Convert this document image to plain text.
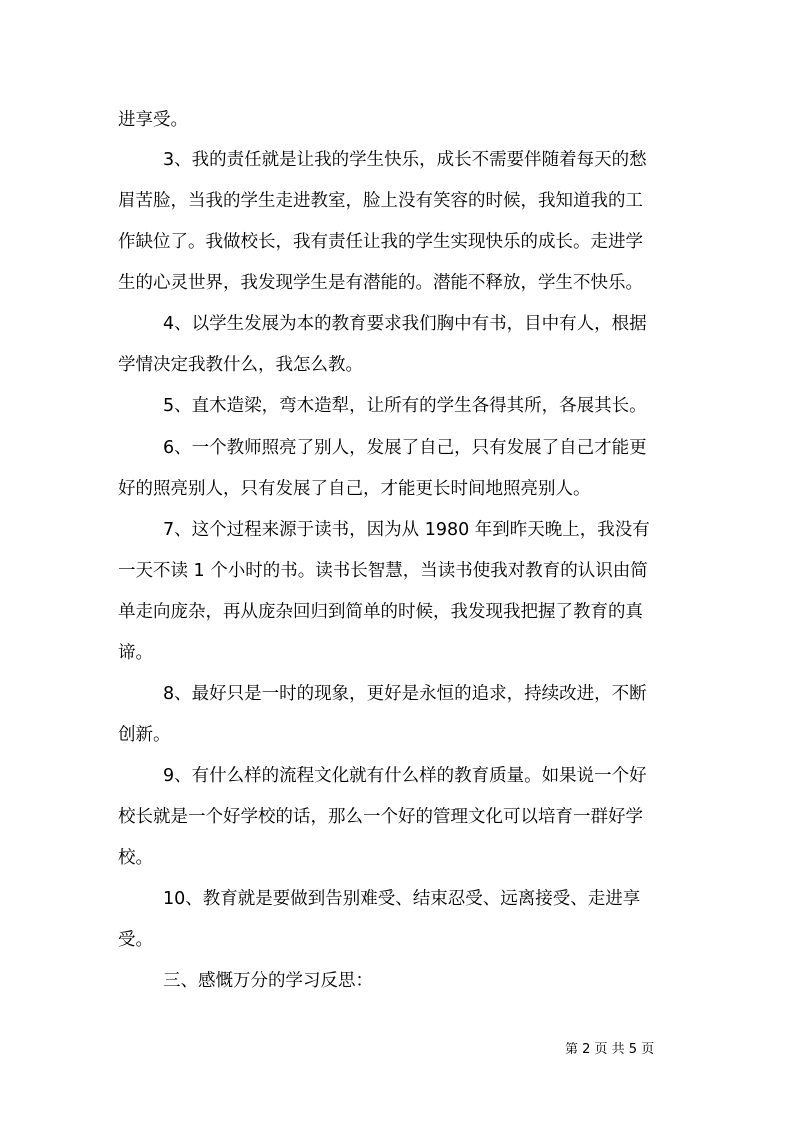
进享受。
3、我的责任就是让我的学生快乐，成长不需要伴随着每天的愁
眉苦脸，当我的学生走进教室，脸上没有笑容的时候，我知道我的工
作缺位了。我做校长，我有责任让我的学生实现快乐的成长。走进学
生的心灵世界，我发现学生是有潜能的。潜能不释放，学生不快乐。
4、以学生发展为本的教育要求我们胸中有书，目中有人，根据
学情决定我教什么，我怎么教。
5、直木造梁，弯木造犁，让所有的学生各得其所，各展其长。
6、一个教师照亮了别人，发展了自己，只有发展了自己才能更
好的照亮别人，只有发展了自己，才能更长时间地照亮别人。
7、这个过程来源于读书，因为从 1980 年到昨天晚上，我没有
一天不读 1 个小时的书。读书长智慧，当读书使我对教育的认识由简
单走向庞杂，再从庞杂回归到简单的时候，我发现我把握了教育的真
谛。
8、最好只是一时的现象，更好是永恒的追求，持续改进，不断
创新。
9、有什么样的流程文化就有什么样的教育质量。如果说一个好
校长就是一个好学校的话，那么一个好的管理文化可以培育一群好学
校。
10、教育就是要做到告别难受、结束忍受、远离接受、走进享
受。
三、感慨万分的学习反思：
第 2 页 共 5 页
